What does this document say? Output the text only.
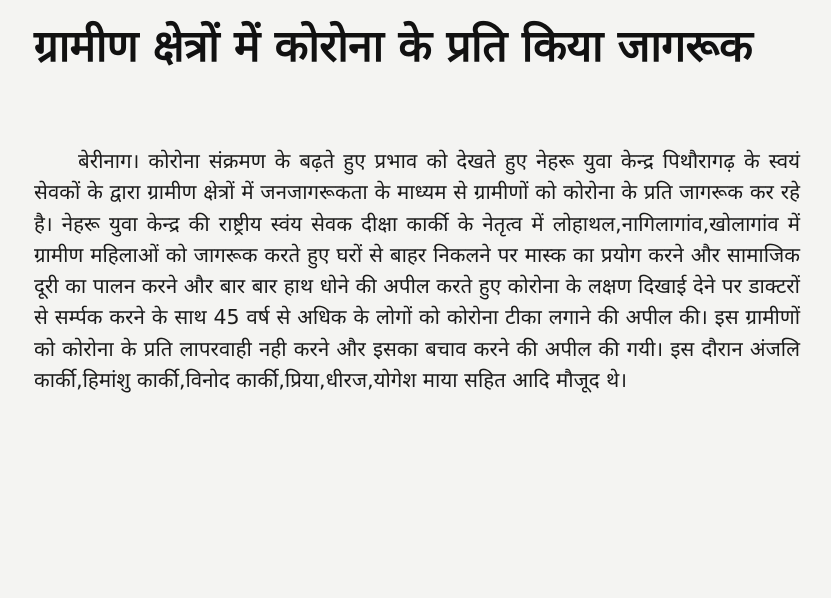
ग्रामीण क्षेत्रों में कोरोना के प्रति किया जागरूक

बेरीनाग। कोरोना संक्रमण के बढ़ते हुए प्रभाव को देखते हुए नेहरू युवा केन्द्र पिथौरागढ़ के स्वयं सेवकों के द्वारा ग्रामीण क्षेत्रों में जनजागरूकता के माध्यम से ग्रामीणों को कोरोना के प्रति जागरूक कर रहे है। नेहरू युवा केन्द्र की राष्ट्रीय स्वंय सेवक दीक्षा कार्की के नेतृत्व में लोहाथल,नागिलागांव,खोलागांव में ग्रामीण महिलाओं को जागरूक करते हुए घरों से बाहर निकलने पर मास्क का प्रयोग करने और सामाजिक दूरी का पालन करने और बार बार हाथ धोने की अपील करते हुए कोरोना के लक्षण दिखाई देने पर डाक्टरों से सर्म्पक करने के साथ 45 वर्ष से अधिक के लोगों को कोरोना टीका लगाने की अपील की। इस ग्रामीणों को कोरोना के प्रति लापरवाही नही करने और इसका बचाव करने की अपील की गयी। इस दौरान अंजलि कार्की,हिमांशु कार्की,विनोद कार्की,प्रिया,धीरज,योगेश माया सहित आदि मौजूद थे।
